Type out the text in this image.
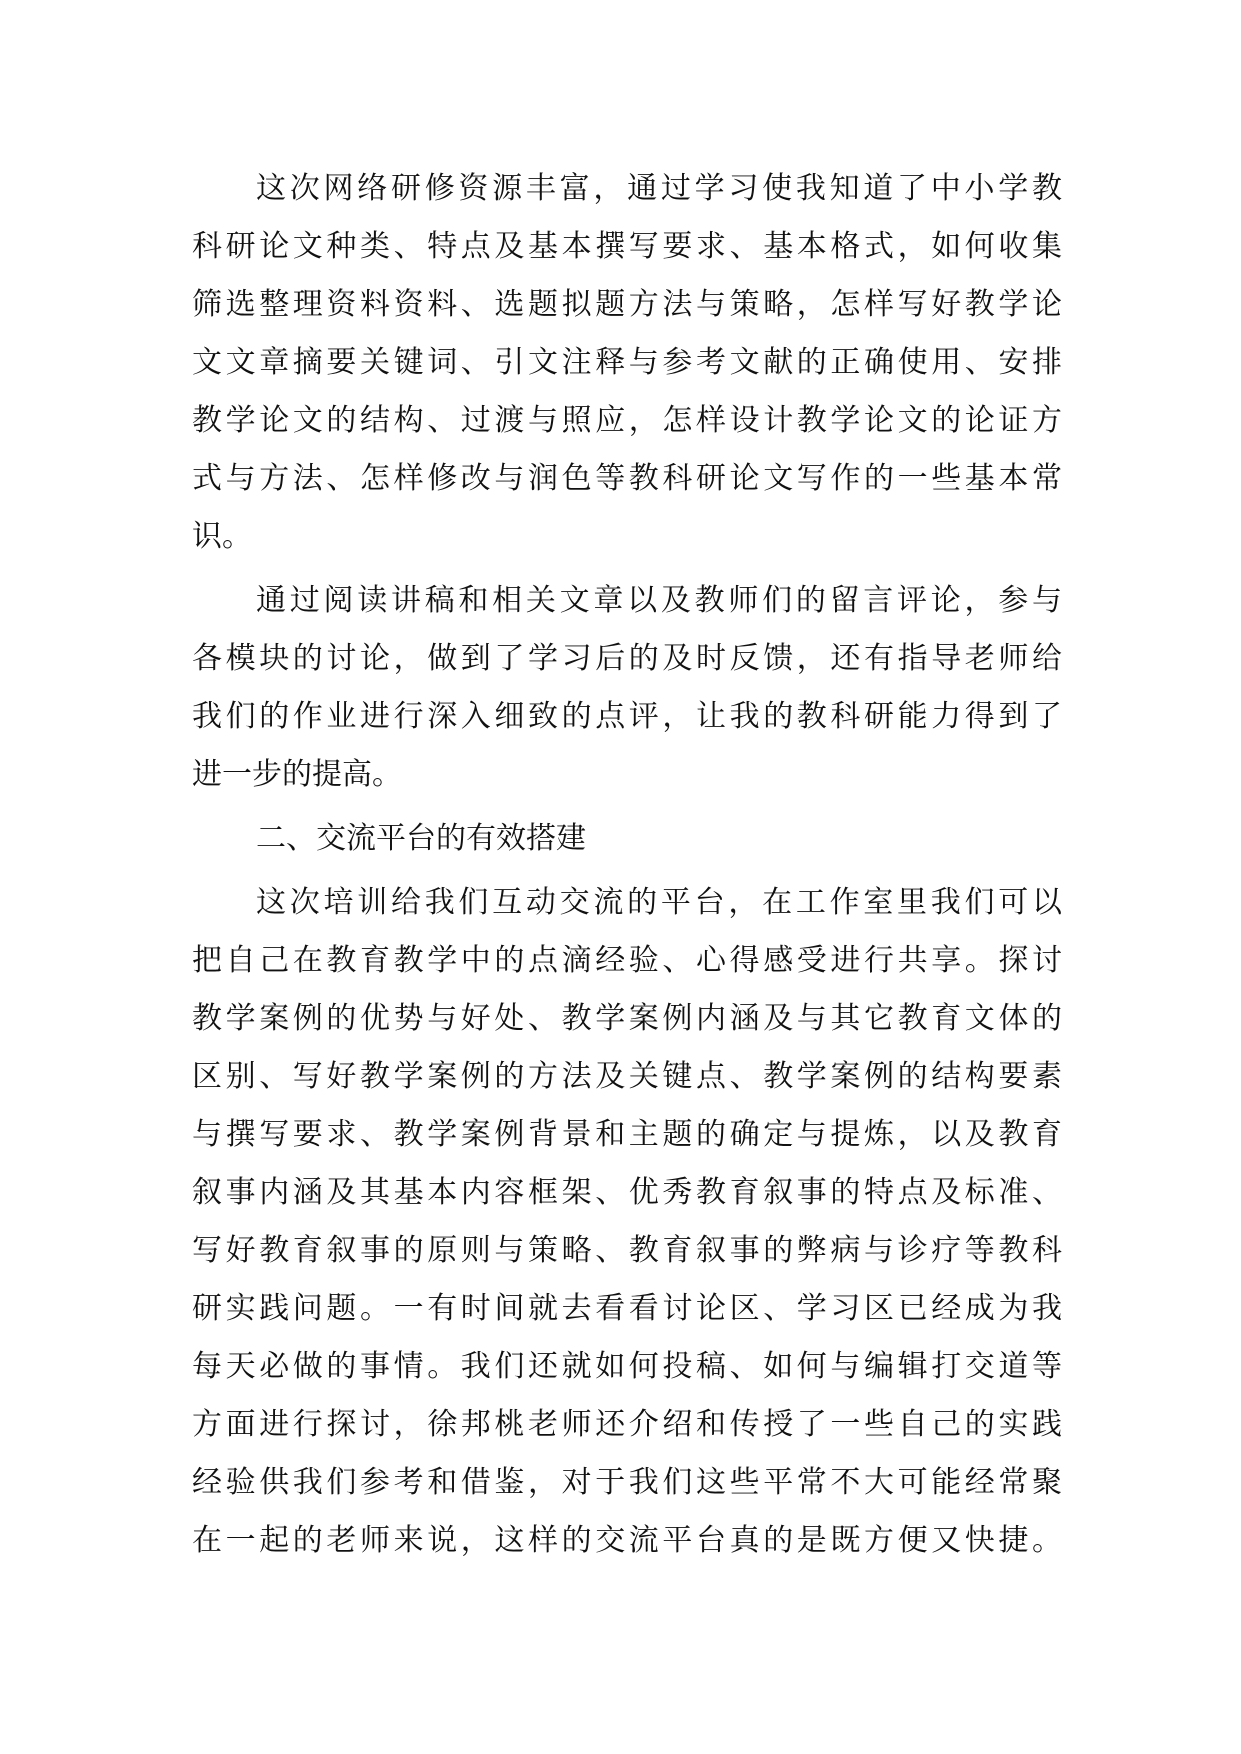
这次网络研修资源丰富，通过学习使我知道了中小学教
科研论文种类、特点及基本撰写要求、基本格式，如何收集
筛选整理资料资料、选题拟题方法与策略，怎样写好教学论
文文章摘要关键词、引文注释与参考文献的正确使用、安排
教学论文的结构、过渡与照应，怎样设计教学论文的论证方
式与方法、怎样修改与润色等教科研论文写作的一些基本常
识。
通过阅读讲稿和相关文章以及教师们的留言评论，参与
各模块的讨论，做到了学习后的及时反馈，还有指导老师给
我们的作业进行深入细致的点评，让我的教科研能力得到了
进一步的提高。
二、交流平台的有效搭建
这次培训给我们互动交流的平台，在工作室里我们可以
把自己在教育教学中的点滴经验、心得感受进行共享。探讨
教学案例的优势与好处、教学案例内涵及与其它教育文体的
区别、写好教学案例的方法及关键点、教学案例的结构要素
与撰写要求、教学案例背景和主题的确定与提炼，以及教育
叙事内涵及其基本内容框架、优秀教育叙事的特点及标准、
写好教育叙事的原则与策略、教育叙事的弊病与诊疗等教科
研实践问题。一有时间就去看看讨论区、学习区已经成为我
每天必做的事情。我们还就如何投稿、如何与编辑打交道等
方面进行探讨，徐邦桃老师还介绍和传授了一些自己的实践
经验供我们参考和借鉴，对于我们这些平常不大可能经常聚
在一起的老师来说，这样的交流平台真的是既方便又快捷。
